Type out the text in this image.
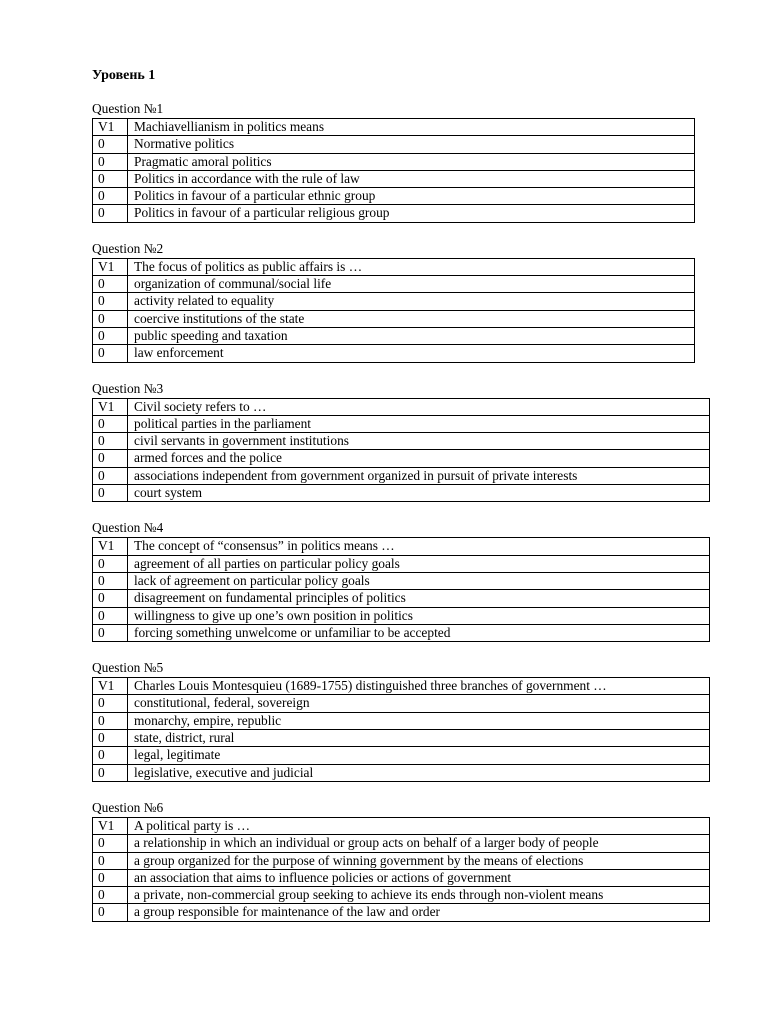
Уровень 1
Question №1
V1	Machiavellianism in politics means
0	Normative politics
0	Pragmatic amoral politics
0	Politics in accordance with the rule of law
0	Politics in favour of a particular ethnic group
0	Politics in favour of a particular religious group
Question №2
V1	The focus of politics as public affairs is …
0	organization of communal/social life
0	activity related to equality
0	coercive institutions of the state
0	public speeding and taxation
0	law enforcement
Question №3
V1	Civil society refers to …
0	political parties in the parliament
0	civil servants in government institutions
0	armed forces and the police
0	associations independent from government organized in pursuit of private interests
0	court system
Question №4
V1	The concept of “consensus” in politics means …
0	agreement of all parties on particular policy goals
0	lack of agreement on particular policy goals
0	disagreement on fundamental principles of politics
0	willingness to give up one’s own position in politics
0	forcing something unwelcome or unfamiliar to be accepted
Question №5
V1	Charles Louis Montesquieu (1689-1755) distinguished three branches of government …
0	constitutional, federal, sovereign
0	monarchy, empire, republic
0	state, district, rural
0	legal, legitimate
0	legislative, executive and judicial
Question №6
V1	A political party is …
0	a relationship in which an individual or group acts on behalf of a larger body of people
0	a group organized for the purpose of winning government by the means of elections
0	an association that aims to influence policies or actions of government
0	a private, non-commercial group seeking to achieve its ends through non-violent means
0	a group responsible for maintenance of the law and order
